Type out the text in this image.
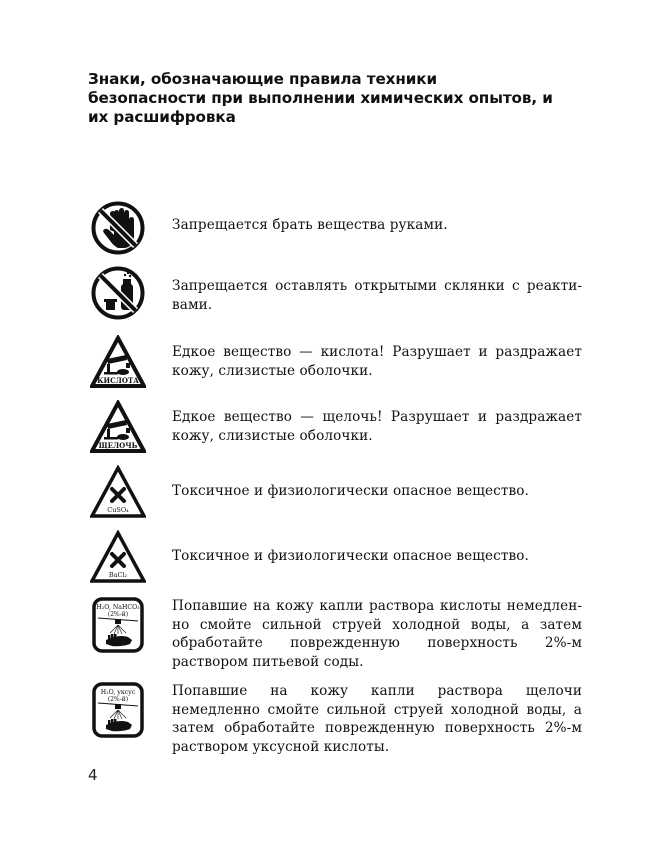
Знаки, обозначающие правила техники безопасности при выполнении химических опытов, и их расшифровка
Запрещается брать вещества руками.
Запрещается оставлять открытыми склянки с реактивами.
КИСЛОТА
Едкое вещество — кислота! Разрушает и раздражает кожу, слизистые оболочки.
ЩЕЛОЧЬ
Едкое вещество — щелочь! Разрушает и раздражает кожу, слизистые оболочки.
CuSO₄
Токсичное и физиологически опасное вещество.
BaCl₂
Токсичное и физиологически опасное вещество.
H₂O, NaHCO₃
(2%-й)
Попавшие на кожу капли раствора кислоты немедленно смойте сильной струей холодной воды, а затем обработайте поврежденную поверхность 2%-м раствором питьевой соды.
H₂O, уксус
(2%-й)
Попавшие на кожу капли раствора щелочи немедленно смойте сильной струей холодной воды, а затем обработайте поврежденную поверхность 2%-м раствором уксусной кислоты.
4
